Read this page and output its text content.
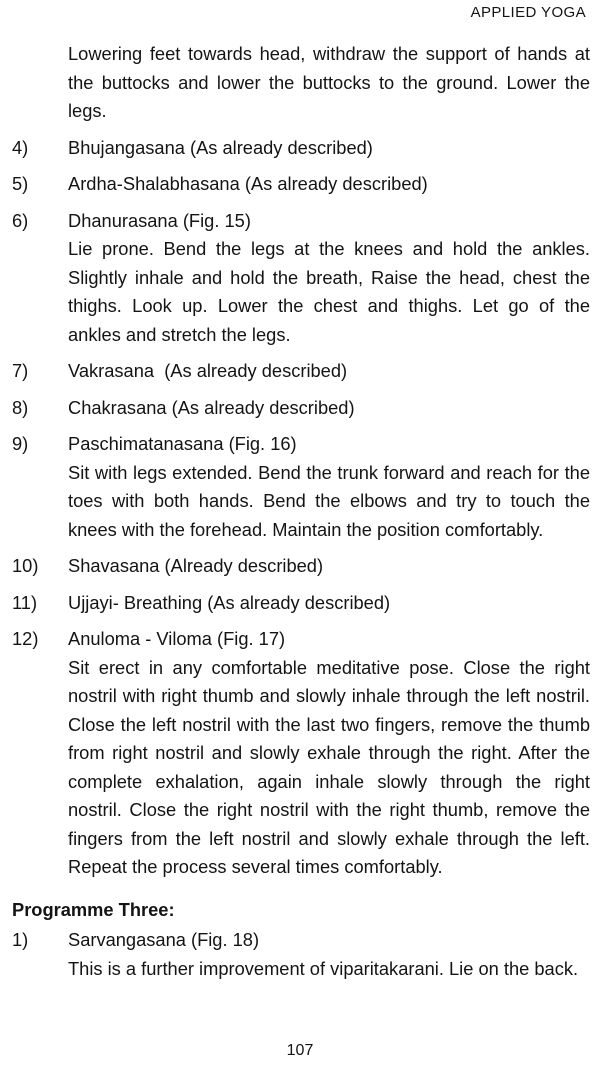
APPLIED YOGA

Lowering feet towards head, withdraw the support of hands at the buttocks and lower the buttocks to the ground. Lower the legs.

4)	Bhujangasana (As already described)
5)	Ardha-Shalabhasana (As already described)
6)	Dhanurasana (Fig. 15)
Lie prone. Bend the legs at the knees and hold the ankles. Slightly inhale and hold the breath, Raise the head, chest the thighs. Look up. Lower the chest and thighs. Let go of the ankles and stretch the legs.
7)	Vakrasana  (As already described)
8)	Chakrasana (As already described)
9)	Paschimatanasana (Fig. 16)
Sit with legs extended. Bend the trunk forward and reach for the toes with both hands. Bend the elbows and try to touch the knees with the forehead. Maintain the position comfortably.
10)	Shavasana (Already described)
11)	Ujjayi- Breathing (As already described)
12)	Anuloma - Viloma (Fig. 17)
Sit erect in any comfortable meditative pose. Close the right nostril with right thumb and slowly inhale through the left nostril. Close the left nostril with the last two fingers, remove the thumb from right nostril and slowly exhale through the right. After the complete exhalation, again inhale slowly through the right nostril. Close the right nostril with the right thumb, remove the fingers from the left nostril and slowly exhale through the left. Repeat the process several times comfortably.

Programme Three:

1)	Sarvangasana (Fig. 18)
This is a further improvement of viparitakarani. Lie on the back.
107
